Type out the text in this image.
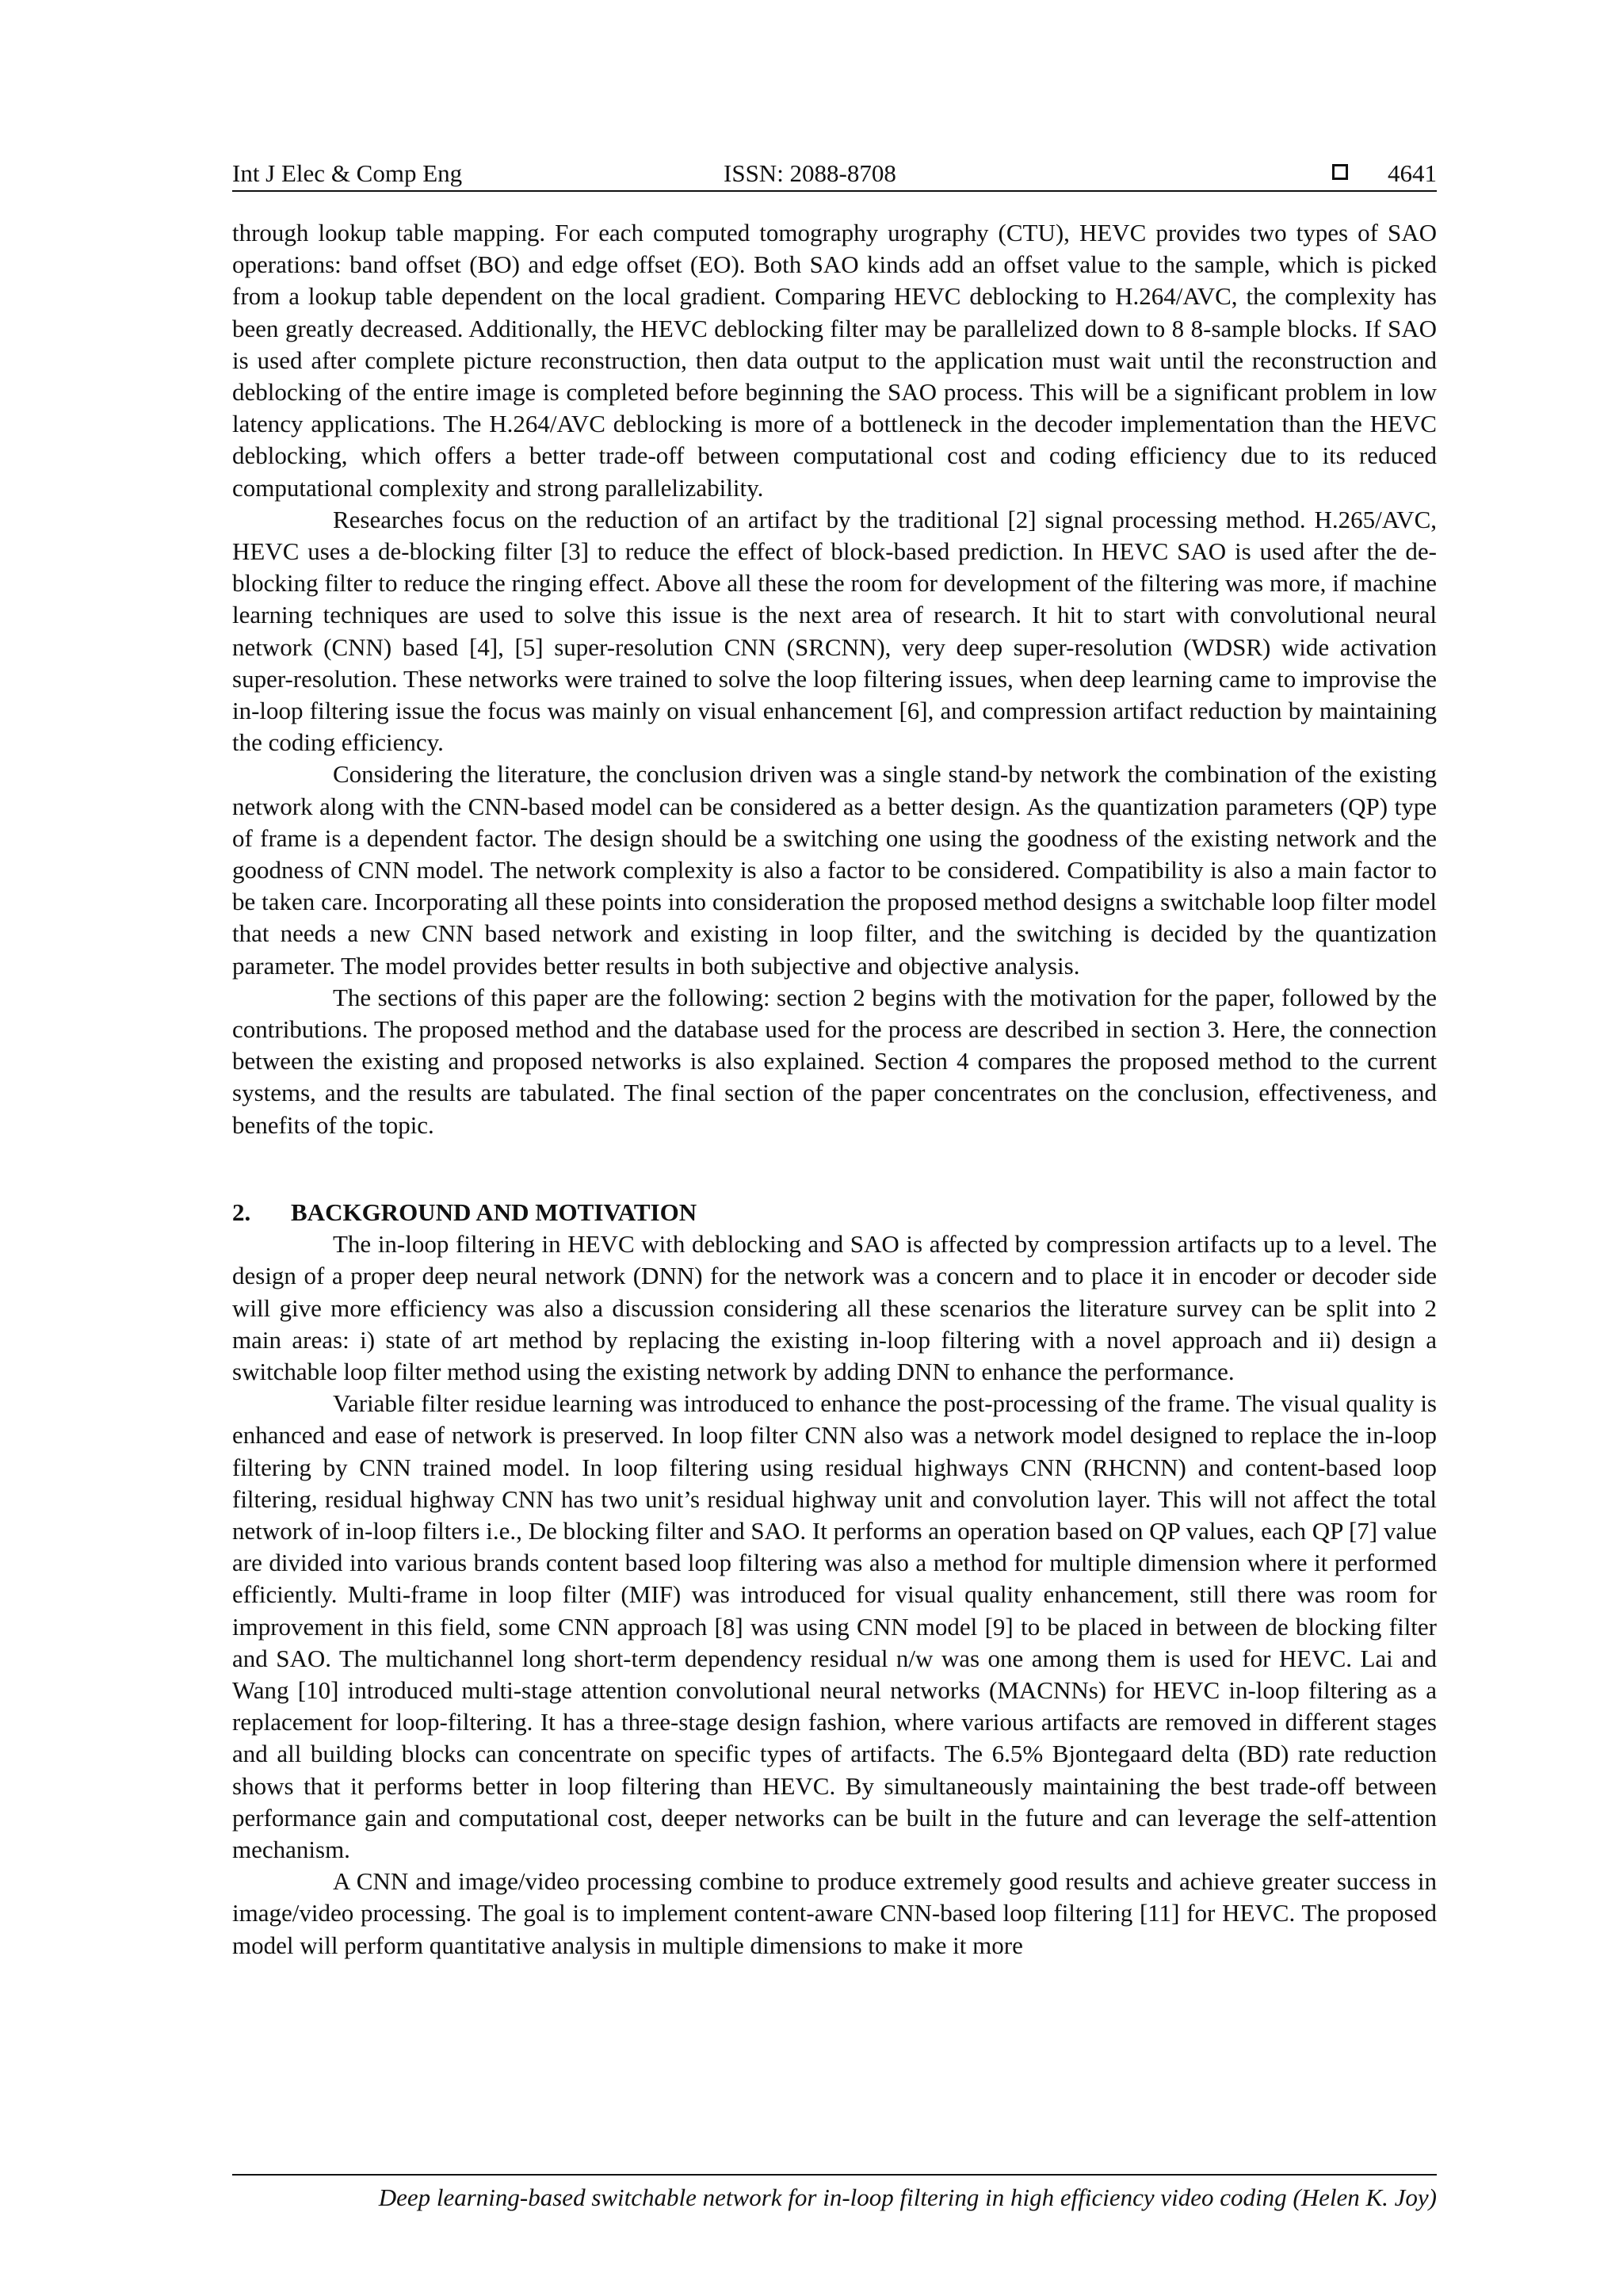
Int J Elec & Comp Eng	ISSN: 2088-8708	4641

through lookup table mapping. For each computed tomography urography (CTU), HEVC provides two types of SAO operations: band offset (BO) and edge offset (EO). Both SAO kinds add an offset value to the sample, which is picked from a lookup table dependent on the local gradient. Comparing HEVC deblocking to H.264/AVC, the complexity has been greatly decreased. Additionally, the HEVC deblocking filter may be parallelized down to 8 8-sample blocks. If SAO is used after complete picture reconstruction, then data output to the application must wait until the reconstruction and deblocking of the entire image is completed before beginning the SAO process. This will be a significant problem in low latency applications. The H.264/AVC deblocking is more of a bottleneck in the decoder implementation than the HEVC deblocking, which offers a better trade-off between computational cost and coding efficiency due to its reduced computational complexity and strong parallelizability.

Researches focus on the reduction of an artifact by the traditional [2] signal processing method. H.265/AVC, HEVC uses a de-blocking filter [3] to reduce the effect of block-based prediction. In HEVC SAO is used after the de-blocking filter to reduce the ringing effect. Above all these the room for development of the filtering was more, if machine learning techniques are used to solve this issue is the next area of research. It hit to start with convolutional neural network (CNN) based [4], [5] super-resolution CNN (SRCNN), very deep super-resolution (WDSR) wide activation super-resolution. These networks were trained to solve the loop filtering issues, when deep learning came to improvise the in-loop filtering issue the focus was mainly on visual enhancement [6], and compression artifact reduction by maintaining the coding efficiency.

Considering the literature, the conclusion driven was a single stand-by network the combination of the existing network along with the CNN-based model can be considered as a better design. As the quantization parameters (QP) type of frame is a dependent factor. The design should be a switching one using the goodness of the existing network and the goodness of CNN model. The network complexity is also a factor to be considered. Compatibility is also a main factor to be taken care. Incorporating all these points into consideration the proposed method designs a switchable loop filter model that needs a new CNN based network and existing in loop filter, and the switching is decided by the quantization parameter. The model provides better results in both subjective and objective analysis.

The sections of this paper are the following: section 2 begins with the motivation for the paper, followed by the contributions. The proposed method and the database used for the process are described in section 3. Here, the connection between the existing and proposed networks is also explained. Section 4 compares the proposed method to the current systems, and the results are tabulated. The final section of the paper concentrates on the conclusion, effectiveness, and benefits of the topic.

2. BACKGROUND AND MOTIVATION

The in-loop filtering in HEVC with deblocking and SAO is affected by compression artifacts up to a level. The design of a proper deep neural network (DNN) for the network was a concern and to place it in encoder or decoder side will give more efficiency was also a discussion considering all these scenarios the literature survey can be split into 2 main areas: i) state of art method by replacing the existing in-loop filtering with a novel approach and ii) design a switchable loop filter method using the existing network by adding DNN to enhance the performance.

Variable filter residue learning was introduced to enhance the post-processing of the frame. The visual quality is enhanced and ease of network is preserved. In loop filter CNN also was a network model designed to replace the in-loop filtering by CNN trained model. In loop filtering using residual highways CNN (RHCNN) and content-based loop filtering, residual highway CNN has two unit’s residual highway unit and convolution layer. This will not affect the total network of in-loop filters i.e., De blocking filter and SAO. It performs an operation based on QP values, each QP [7] value are divided into various brands content based loop filtering was also a method for multiple dimension where it performed efficiently. Multi-frame in loop filter (MIF) was introduced for visual quality enhancement, still there was room for improvement in this field, some CNN approach [8] was using CNN model [9] to be placed in between de blocking filter and SAO. The multichannel long short-term dependency residual n/w was one among them is used for HEVC. Lai and Wang [10] introduced multi-stage attention convolutional neural networks (MACNNs) for HEVC in-loop filtering as a replacement for loop-filtering. It has a three-stage design fashion, where various artifacts are removed in different stages and all building blocks can concentrate on specific types of artifacts. The 6.5% Bjontegaard delta (BD) rate reduction shows that it performs better in loop filtering than HEVC. By simultaneously maintaining the best trade-off between performance gain and computational cost, deeper networks can be built in the future and can leverage the self-attention mechanism.

A CNN and image/video processing combine to produce extremely good results and achieve greater success in image/video processing. The goal is to implement content-aware CNN-based loop filtering [11] for HEVC. The proposed model will perform quantitative analysis in multiple dimensions to make it more

Deep learning-based switchable network for in-loop filtering in high efficiency video coding (Helen K. Joy)
